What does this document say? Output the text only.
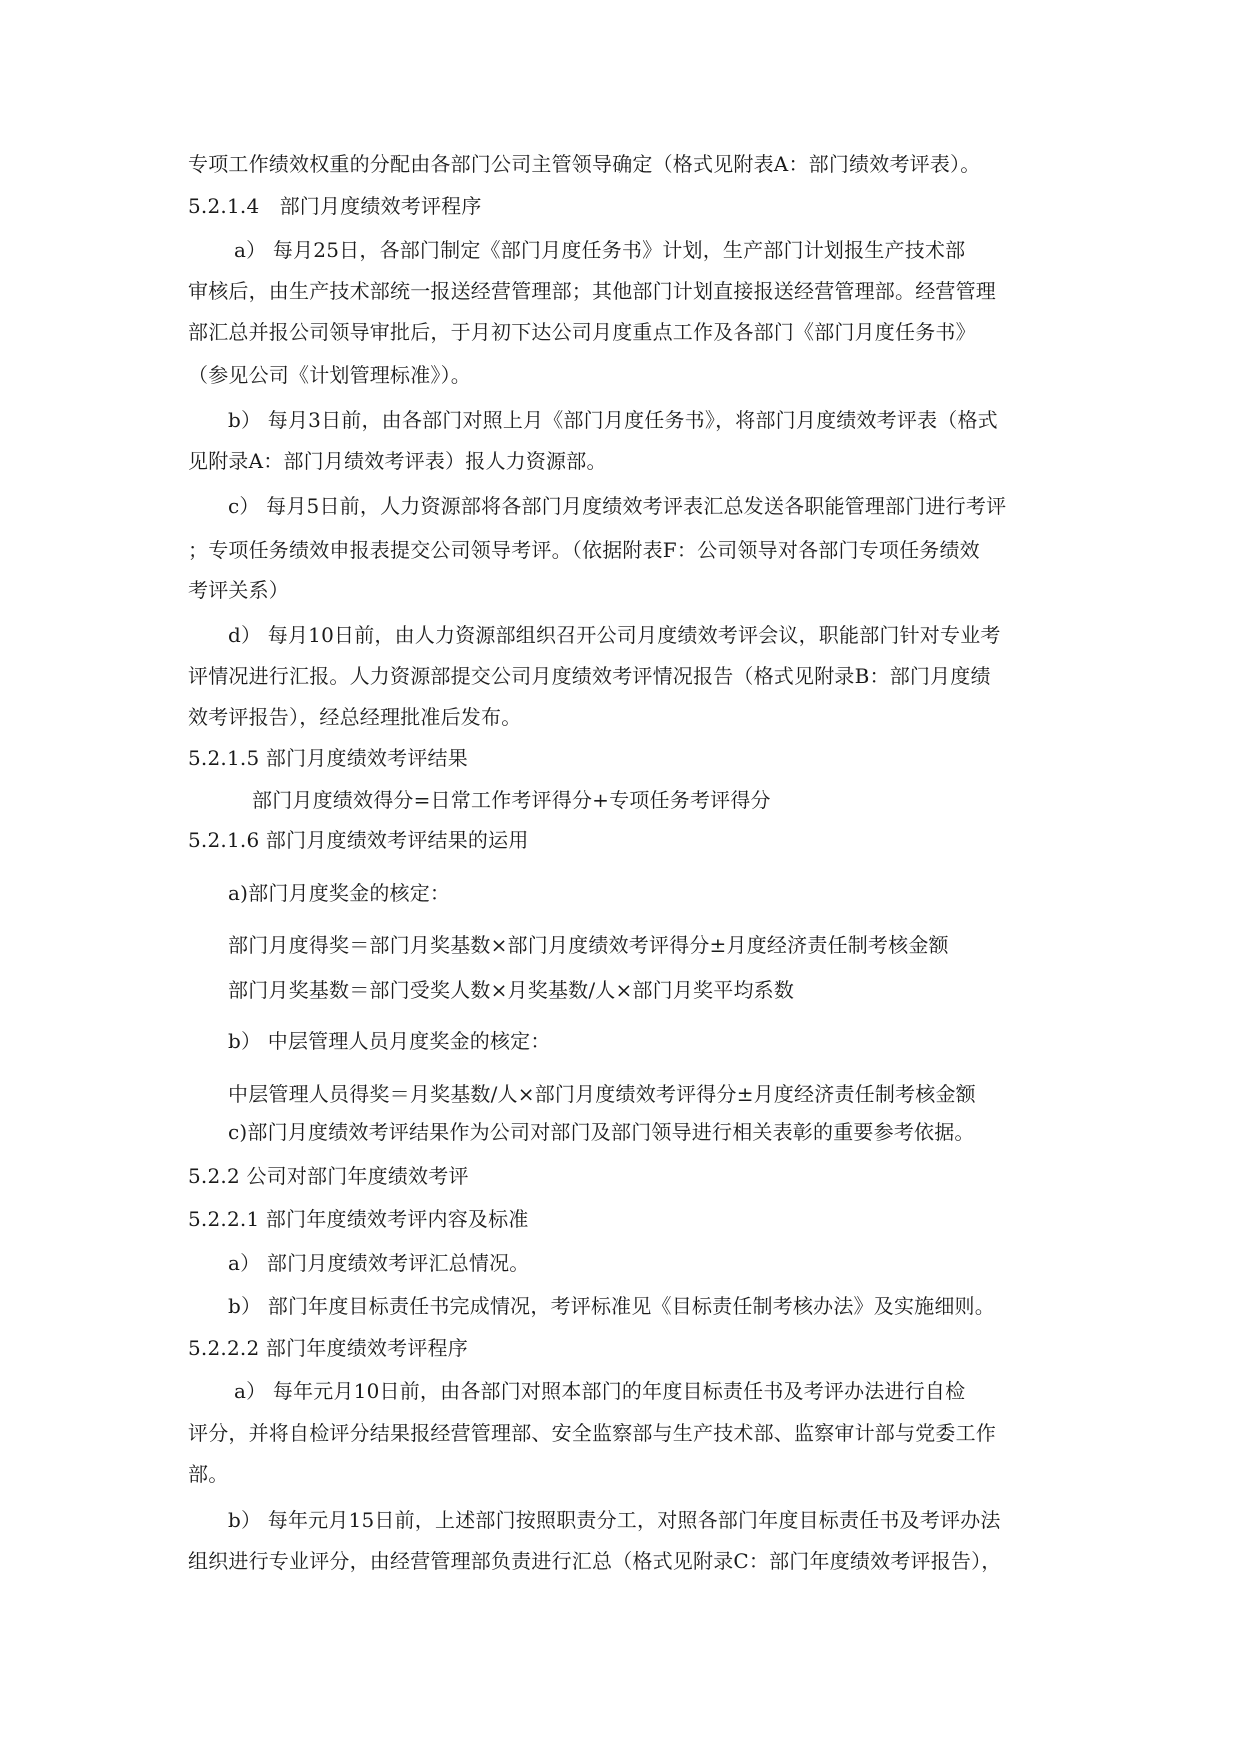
专项工作绩效权重的分配由各部门公司主管领导确定（格式见附表A：部门绩效考评表）。
5.2.1.4　部门月度绩效考评程序
a） 每月25日，各部门制定《部门月度任务书》计划，生产部门计划报生产技术部
审核后，由生产技术部统一报送经营管理部；其他部门计划直接报送经营管理部。经营管理
部汇总并报公司领导审批后，于月初下达公司月度重点工作及各部门《部门月度任务书》
（参见公司《计划管理标准》）。
b） 每月3日前，由各部门对照上月《部门月度任务书》，将部门月度绩效考评表（格式
见附录A：部门月绩效考评表）报人力资源部。
c） 每月5日前，人力资源部将各部门月度绩效考评表汇总发送各职能管理部门进行考评
；专项任务绩效申报表提交公司领导考评。（依据附表F：公司领导对各部门专项任务绩效
考评关系）
d） 每月10日前，由人力资源部组织召开公司月度绩效考评会议，职能部门针对专业考
评情况进行汇报。人力资源部提交公司月度绩效考评情况报告（格式见附录B：部门月度绩
效考评报告），经总经理批准后发布。
5.2.1.5 部门月度绩效考评结果
部门月度绩效得分=日常工作考评得分+专项任务考评得分
5.2.1.6 部门月度绩效考评结果的运用
a)部门月度奖金的核定：
部门月度得奖＝部门月奖基数×部门月度绩效考评得分±月度经济责任制考核金额
部门月奖基数＝部门受奖人数×月奖基数/人×部门月奖平均系数
b） 中层管理人员月度奖金的核定：
中层管理人员得奖＝月奖基数/人×部门月度绩效考评得分±月度经济责任制考核金额
c)部门月度绩效考评结果作为公司对部门及部门领导进行相关表彰的重要参考依据。
5.2.2 公司对部门年度绩效考评
5.2.2.1 部门年度绩效考评内容及标准
a） 部门月度绩效考评汇总情况。
b） 部门年度目标责任书完成情况，考评标准见《目标责任制考核办法》及实施细则。
5.2.2.2 部门年度绩效考评程序
a） 每年元月10日前，由各部门对照本部门的年度目标责任书及考评办法进行自检
评分，并将自检评分结果报经营管理部、安全监察部与生产技术部、监察审计部与党委工作
部。
b） 每年元月15日前，上述部门按照职责分工，对照各部门年度目标责任书及考评办法
组织进行专业评分，由经营管理部负责进行汇总（格式见附录C：部门年度绩效考评报告），
